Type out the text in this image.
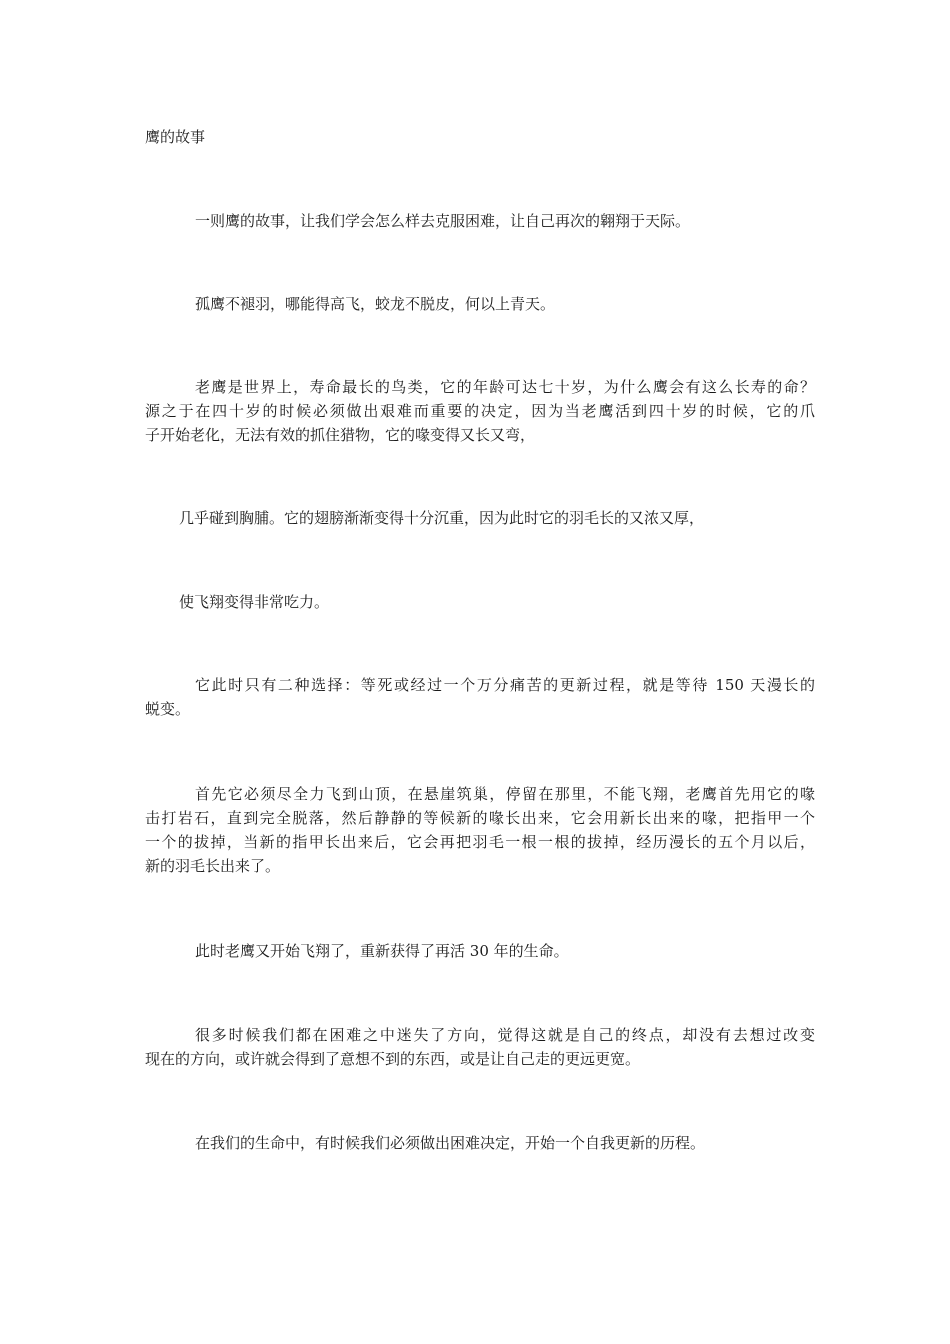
鹰的故事

一则鹰的故事，让我们学会怎么样去克服困难，让自己再次的翱翔于天际。

孤鹰不褪羽，哪能得高飞，蛟龙不脱皮，何以上青天。

老鹰是世界上，寿命最长的鸟类，它的年龄可达七十岁，为什么鹰会有这么长寿的命？

源之于在四十岁的时候必须做出艰难而重要的决定，因为当老鹰活到四十岁的时候，它的爪

子开始老化，无法有效的抓住猎物，它的喙变得又长又弯，

几乎碰到胸脯。它的翅膀渐渐变得十分沉重，因为此时它的羽毛长的又浓又厚，

使飞翔变得非常吃力。

它此时只有二种选择：等死或经过一个万分痛苦的更新过程，就是等待 150 天漫长的

蜕变。

首先它必须尽全力飞到山顶，在悬崖筑巢，停留在那里，不能飞翔，老鹰首先用它的喙

击打岩石，直到完全脱落，然后静静的等候新的喙长出来，它会用新长出来的喙，把指甲一个

一个的拔掉，当新的指甲长出来后，它会再把羽毛一根一根的拔掉，经历漫长的五个月以后，

新的羽毛长出来了。

此时老鹰又开始飞翔了，重新获得了再活 30 年的生命。

很多时候我们都在困难之中迷失了方向，觉得这就是自己的终点，却没有去想过改变

现在的方向，或许就会得到了意想不到的东西，或是让自己走的更远更宽。

在我们的生命中，有时候我们必须做出困难决定，开始一个自我更新的历程。
